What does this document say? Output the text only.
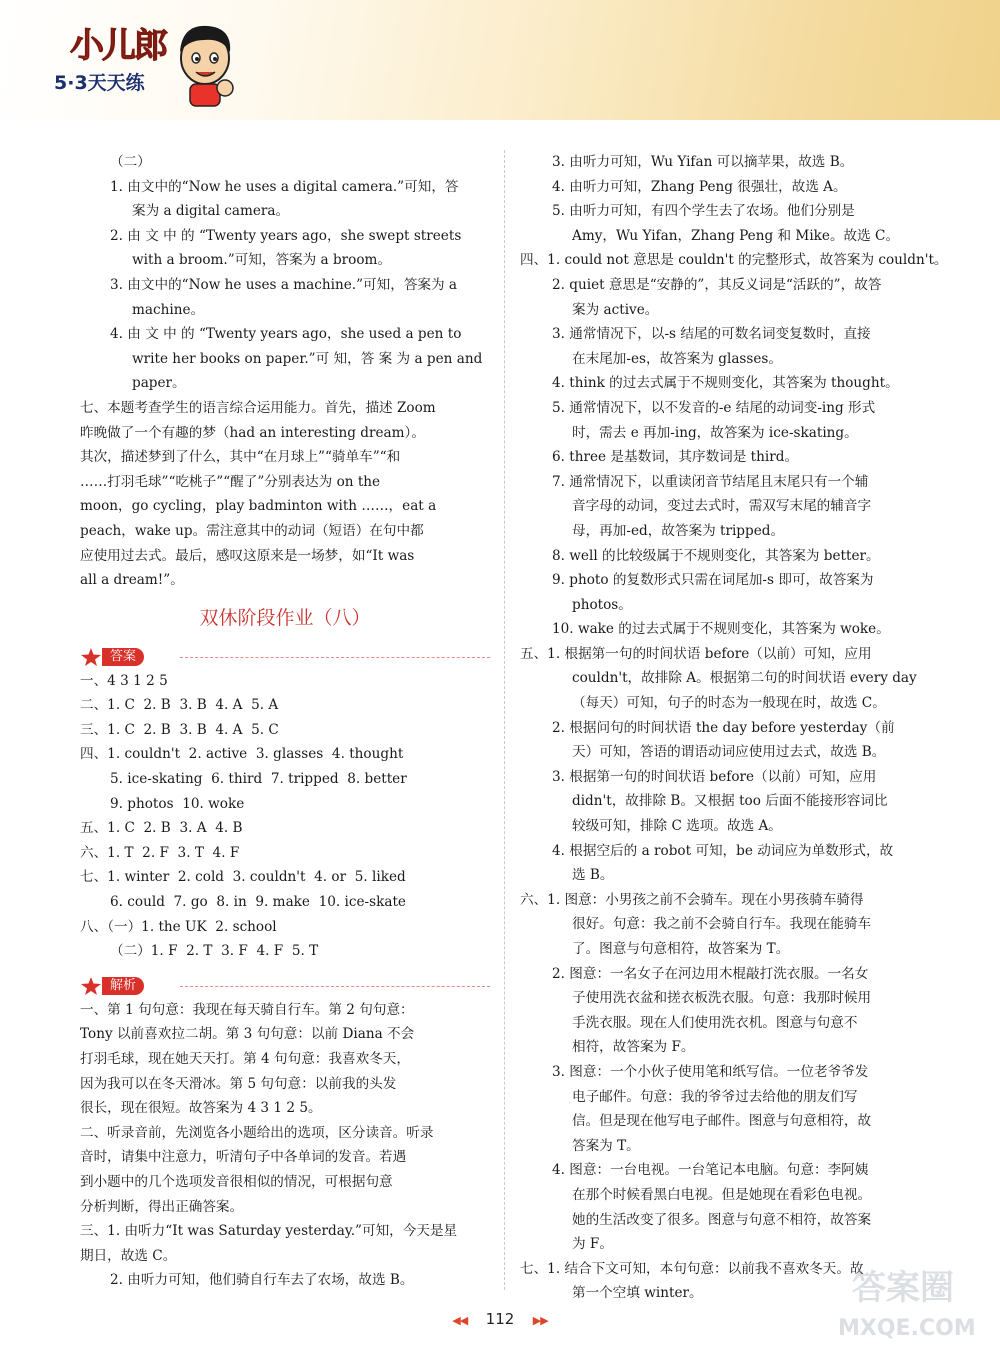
小儿郎
5·3天天练
（二）
1. 由文中的“Now he uses a digital camera.”可知，答
案为 a digital camera。
2. 由 文 中 的 “Twenty years ago，she swept streets
with a broom.”可知，答案为 a broom。
3. 由文中的“Now he uses a machine.”可知，答案为 a
machine。
4. 由 文 中 的 “Twenty years ago，she used a pen to
write her books on paper.”可 知，答 案 为 a pen and
paper。
七、本题考查学生的语言综合运用能力。首先，描述 Zoom
昨晚做了一个有趣的梦（had an interesting dream）。
其次，描述梦到了什么，其中“在月球上”“骑单车”“和
……打羽毛球”“吃桃子”“醒了”分别表达为 on the
moon，go cycling，play badminton with ……，eat a
peach，wake up。需注意其中的动词（短语）在句中都
应使用过去式。最后，感叹这原来是一场梦，如“It was
all a dream!”。
双休阶段作业（八）
答案
一、4 3 1 2 5
二、1. C  2. B  3. B  4. A  5. A
三、1. C  2. B  3. B  4. A  5. C
四、1. couldn't  2. active  3. glasses  4. thought
5. ice-skating  6. third  7. tripped  8. better
9. photos  10. woke
五、1. C  2. B  3. A  4. B
六、1. T  2. F  3. T  4. F
七、1. winter  2. cold  3. couldn't  4. or  5. liked
6. could  7. go  8. in  9. make  10. ice-skate
八、（一）1. the UK  2. school
（二）1. F  2. T  3. F  4. F  5. T
解析
一、第 1 句句意：我现在每天骑自行车。第 2 句句意：
Tony 以前喜欢拉二胡。第 3 句句意：以前 Diana 不会
打羽毛球，现在她天天打。第 4 句句意：我喜欢冬天，
因为我可以在冬天滑冰。第 5 句句意：以前我的头发
很长，现在很短。故答案为 4 3 1 2 5。
二、听录音前，先浏览各小题给出的选项，区分读音。听录
音时，请集中注意力，听清句子中各单词的发音。若遇
到小题中的几个选项发音很相似的情况，可根据句意
分析判断，得出正确答案。
三、1. 由听力“It was Saturday yesterday.”可知，今天是星
期日，故选 C。
2. 由听力可知，他们骑自行车去了农场，故选 B。
3. 由听力可知，Wu Yifan 可以摘苹果，故选 B。
4. 由听力可知，Zhang Peng 很强壮，故选 A。
5. 由听力可知，有四个学生去了农场。他们分别是
Amy，Wu Yifan，Zhang Peng 和 Mike。故选 C。
四、1. could not 意思是 couldn't 的完整形式，故答案为 couldn't。
2. quiet 意思是“安静的”，其反义词是“活跃的”，故答
案为 active。
3. 通常情况下，以-s 结尾的可数名词变复数时，直接
在末尾加-es，故答案为 glasses。
4. think 的过去式属于不规则变化，其答案为 thought。
5. 通常情况下，以不发音的-e 结尾的动词变-ing 形式
时，需去 e 再加-ing，故答案为 ice-skating。
6. three 是基数词，其序数词是 third。
7. 通常情况下，以重读闭音节结尾且末尾只有一个辅
音字母的动词，变过去式时，需双写末尾的辅音字
母，再加-ed，故答案为 tripped。
8. well 的比较级属于不规则变化，其答案为 better。
9. photo 的复数形式只需在词尾加-s 即可，故答案为
photos。
10. wake 的过去式属于不规则变化，其答案为 woke。
五、1. 根据第一句的时间状语 before（以前）可知，应用
couldn't，故排除 A。根据第二句的时间状语 every day
（每天）可知，句子的时态为一般现在时，故选 C。
2. 根据问句的时间状语 the day before yesterday（前
天）可知，答语的谓语动词应使用过去式，故选 B。
3. 根据第一句的时间状语 before（以前）可知，应用
didn't，故排除 B。又根据 too 后面不能接形容词比
较级可知，排除 C 选项。故选 A。
4. 根据空后的 a robot 可知，be 动词应为单数形式，故
选 B。
六、1. 图意：小男孩之前不会骑车。现在小男孩骑车骑得
很好。句意：我之前不会骑自行车。我现在能骑车
了。图意与句意相符，故答案为 T。
2. 图意：一名女子在河边用木棍敲打洗衣服。一名女
子使用洗衣盆和搓衣板洗衣服。句意：我那时候用
手洗衣服。现在人们使用洗衣机。图意与句意不
相符，故答案为 F。
3. 图意：一个小伙子使用笔和纸写信。一位老爷爷发
电子邮件。句意：我的爷爷过去给他的朋友们写
信。但是现在他写电子邮件。图意与句意相符，故
答案为 T。
4. 图意：一台电视。一台笔记本电脑。句意：李阿姨
在那个时候看黑白电视。但是她现在看彩色电视。
她的生活改变了很多。图意与句意不相符，故答案
为 F。
七、1. 结合下文可知，本句句意：以前我不喜欢冬天。故
第一个空填 winter。
◀◀ 112 ▶▶
答案圈
MXQE.COM
